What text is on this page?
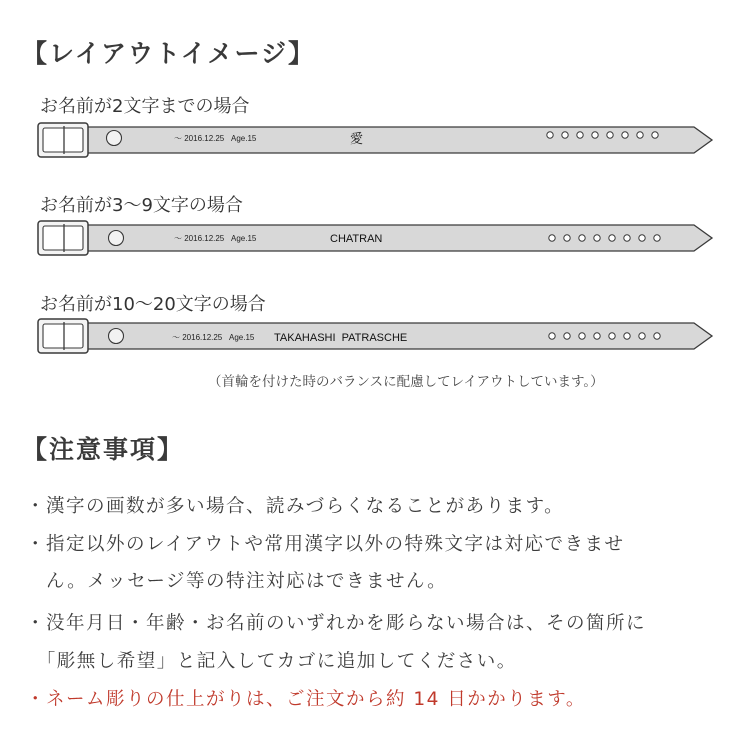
【レイアウトイメージ】
お名前が2文字までの場合
～ 2016.12.25 Age.15	愛
お名前が3〜9文字の場合
～ 2016.12.25 Age.15	CHATRAN
お名前が10〜20文字の場合
～ 2016.12.25 Age.15 TAKAHASHI  PATRASCHE
（首輪を付けた時のバランスに配慮してレイアウトしています。）
【注意事項】
・漢字の画数が多い場合、読みづらくなることがあります。
・指定以外のレイアウトや常用漢字以外の特殊文字は対応できませ
　ん。メッセージ等の特注対応はできません。
・没年月日・年齢・お名前のいずれかを彫らない場合は、その箇所に
　「彫無し希望」と記入してカゴに追加してください。
・ネーム彫りの仕上がりは、ご注文から約 14 日かかります。
